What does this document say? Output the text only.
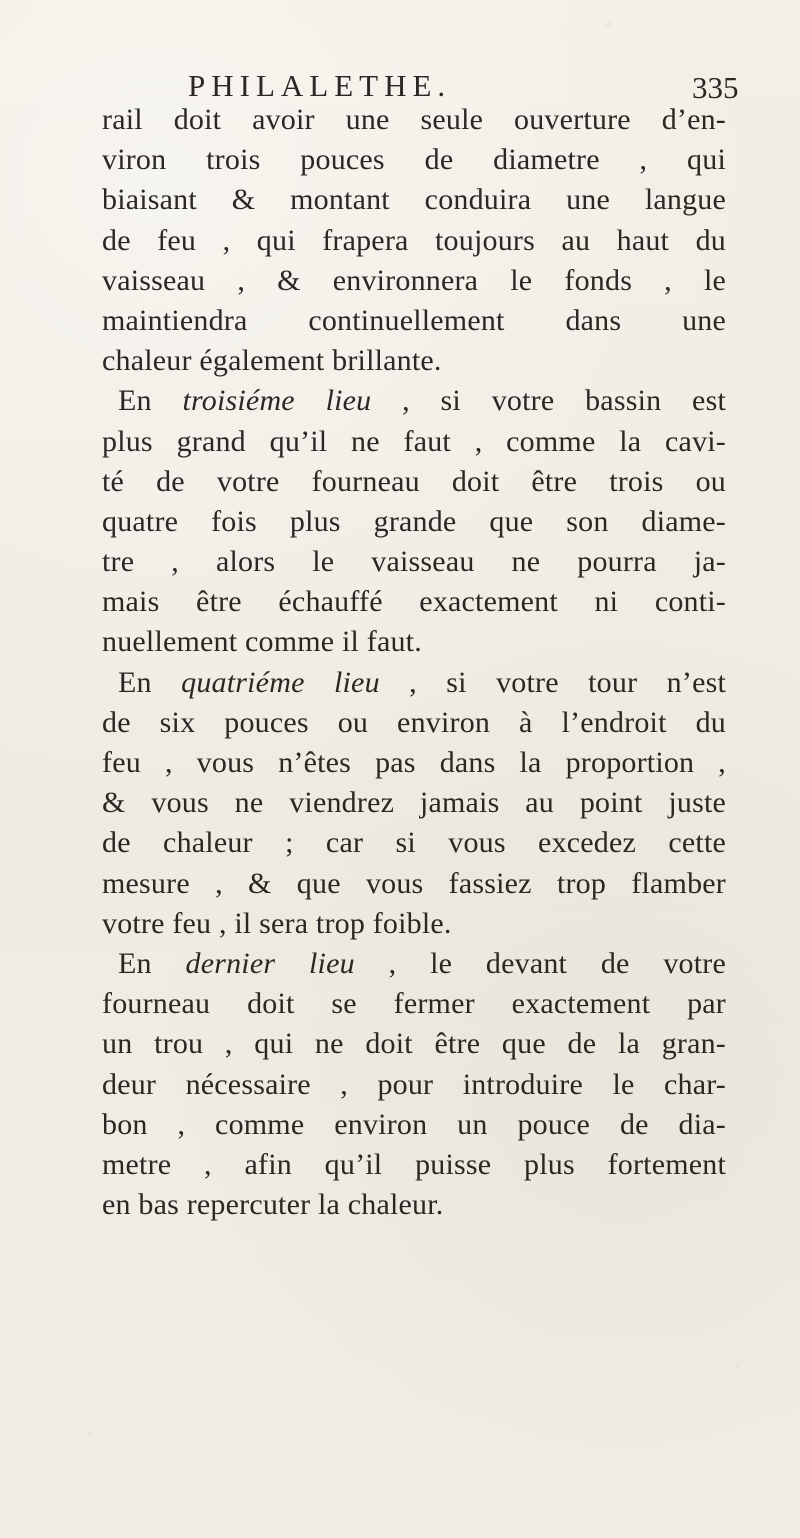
PHILALETHE.	335
rail doit avoir une seule ouverture d’en-
viron trois pouces de diametre , qui
biaisant & montant conduira une langue
de feu , qui frapera toujours au haut du
vaisseau , & environnera le fonds , le
maintiendra continuellement dans une
chaleur également brillante.
En troisiéme lieu , si votre bassin est
plus grand qu’il ne faut , comme la cavi-
té de votre fourneau doit être trois ou
quatre fois plus grande que son diame-
tre , alors le vaisseau ne pourra ja-
mais être échauffé exactement ni conti-
nuellement comme il faut.
En quatriéme lieu , si votre tour n’est
de six pouces ou environ à l’endroit du
feu , vous n’êtes pas dans la proportion ,
& vous ne viendrez jamais au point juste
de chaleur ; car si vous excedez cette
mesure , & que vous fassiez trop flamber
votre feu , il sera trop foible.
En dernier lieu , le devant de votre
fourneau doit se fermer exactement par
un trou , qui ne doit être que de la gran-
deur nécessaire , pour introduire le char-
bon , comme environ un pouce de dia-
metre , afin qu’il puisse plus fortement
en bas repercuter la chaleur.
